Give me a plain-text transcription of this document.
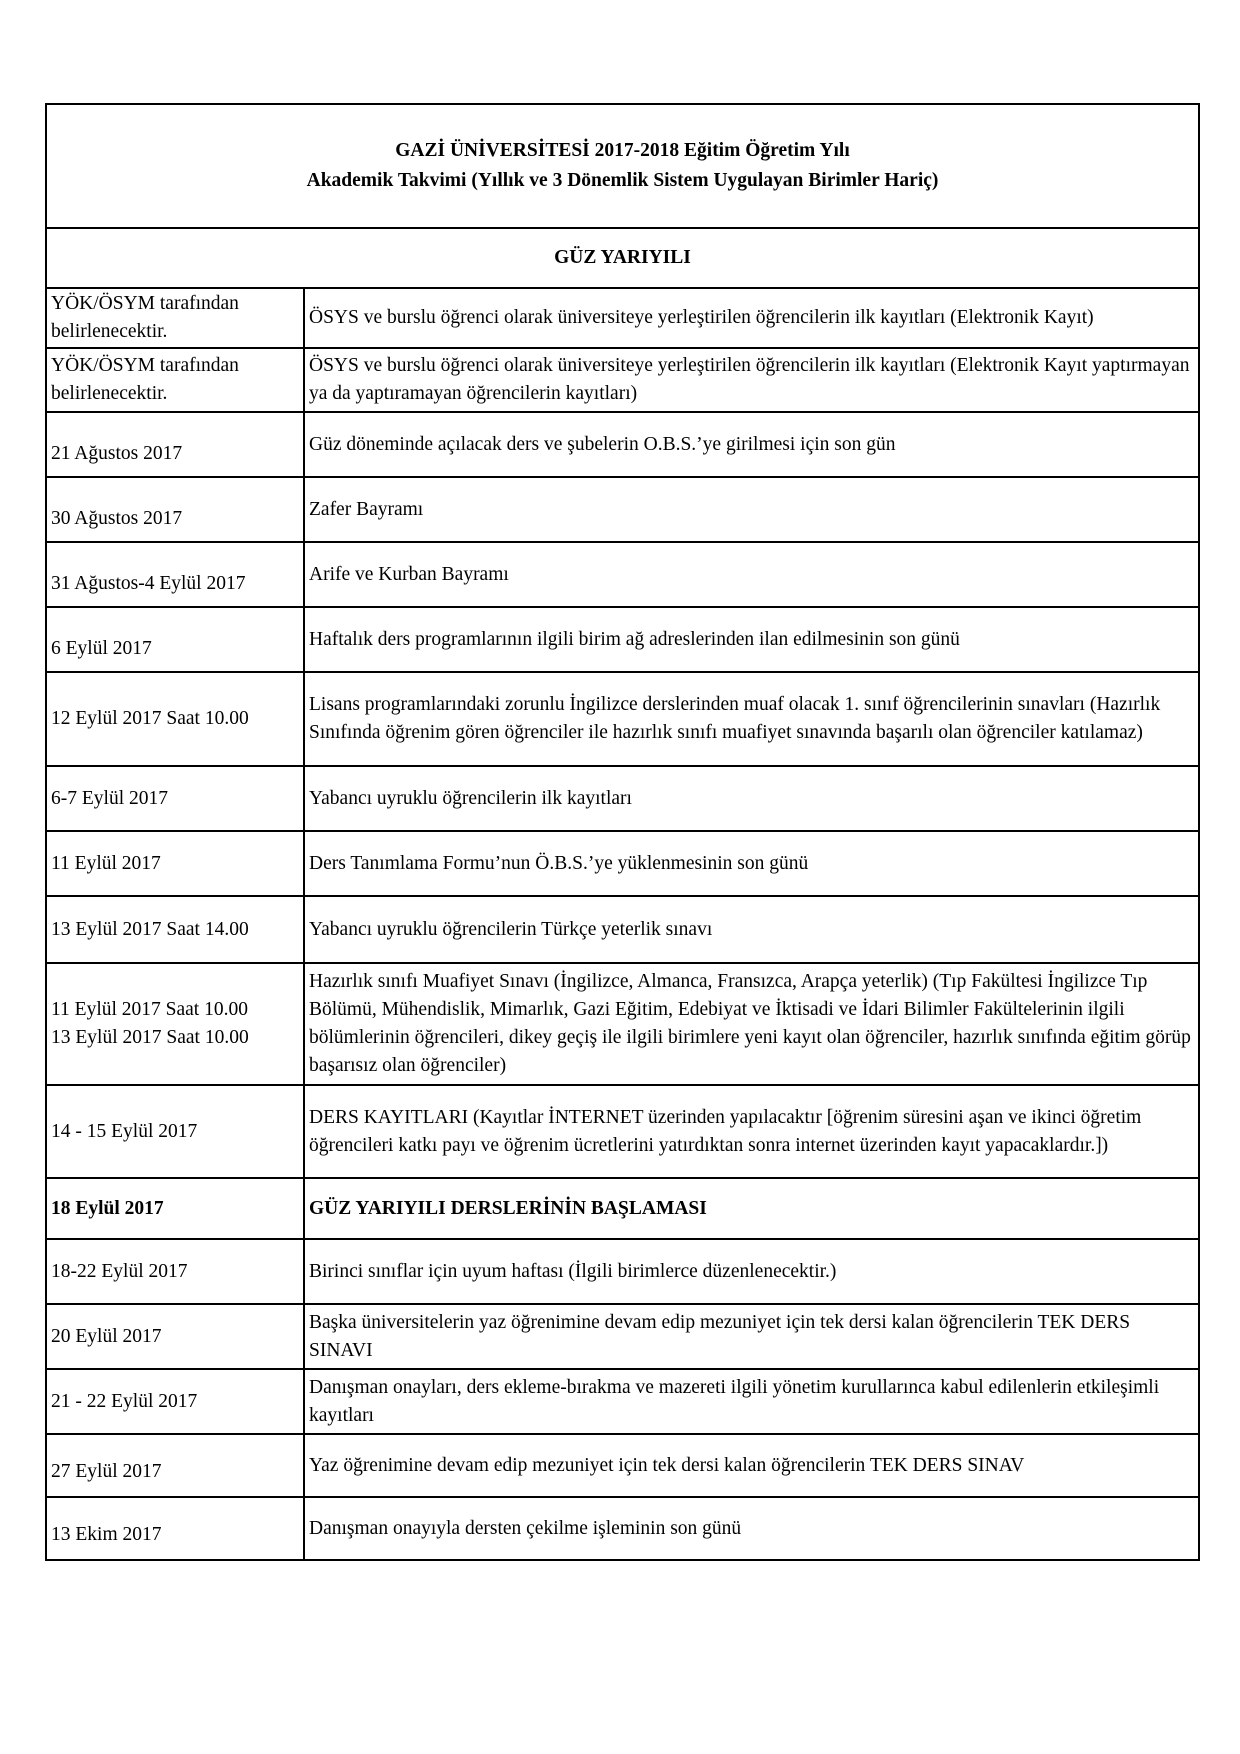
GAZİ ÜNİVERSİTESİ 2017-2018 Eğitim Öğretim Yılı
Akademik Takvimi (Yıllık ve 3 Dönemlik Sistem Uygulayan Birimler Hariç)	

GÜZ YARIYILI	
YÖK/ÖSYM tarafından belirlenecektir.	ÖSYS ve burslu öğrenci olarak üniversiteye yerleştirilen öğrencilerin ilk kayıtları (Elektronik Kayıt)
YÖK/ÖSYM tarafından belirlenecektir.	ÖSYS ve burslu öğrenci olarak üniversiteye yerleştirilen öğrencilerin ilk kayıtları (Elektronik Kayıt yaptırmayan ya da yaptıramayan öğrencilerin kayıtları)
21 Ağustos 2017	Güz döneminde açılacak ders ve şubelerin O.B.S.’ye girilmesi için son gün
30 Ağustos 2017	Zafer Bayramı
31 Ağustos-4 Eylül 2017	Arife ve Kurban Bayramı
6 Eylül 2017	Haftalık ders programlarının ilgili birim ağ adreslerinden ilan edilmesinin son günü
12 Eylül 2017 Saat 10.00	Lisans programlarındaki zorunlu İngilizce derslerinden muaf olacak 1. sınıf öğrencilerinin sınavları (Hazırlık Sınıfında öğrenim gören öğrenciler ile hazırlık sınıfı muafiyet sınavında başarılı olan öğrenciler katılamaz)
6-7 Eylül 2017	Yabancı uyruklu öğrencilerin ilk kayıtları
11 Eylül 2017	Ders Tanımlama Formu’nun Ö.B.S.’ye yüklenmesinin son günü
13 Eylül 2017 Saat 14.00	Yabancı uyruklu öğrencilerin Türkçe yeterlik sınavı

11 Eylül 2017 Saat 10.00
13 Eylül 2017 Saat 10.00	Hazırlık sınıfı Muafiyet Sınavı (İngilizce, Almanca, Fransızca, Arapça yeterlik) (Tıp Fakültesi İngilizce Tıp Bölümü, Mühendislik, Mimarlık, Gazi Eğitim, Edebiyat ve İktisadi ve İdari Bilimler Fakültelerinin ilgili bölümlerinin öğrencileri, dikey geçiş ile ilgili birimlere yeni kayıt olan öğrenciler, hazırlık sınıfında eğitim görüp başarısız olan öğrenciler)
14 - 15 Eylül 2017	DERS KAYITLARI (Kayıtlar İNTERNET üzerinden yapılacaktır [öğrenim süresini aşan ve ikinci öğretim öğrencileri katkı payı ve öğrenim ücretlerini yatırdıktan sonra internet üzerinden kayıt yapacaklardır.])
18 Eylül 2017	GÜZ YARIYILI DERSLERİNİN BAŞLAMASI
18-22 Eylül 2017	Birinci sınıflar için uyum haftası (İlgili birimlerce düzenlenecektir.)
20 Eylül 2017	Başka üniversitelerin yaz öğrenimine devam edip mezuniyet için tek dersi kalan öğrencilerin TEK DERS SINAVI
21 - 22 Eylül 2017	Danışman onayları, ders ekleme-bırakma ve mazereti ilgili yönetim kurullarınca kabul edilenlerin etkileşimli kayıtları
27 Eylül 2017	Yaz öğrenimine devam edip mezuniyet için tek dersi kalan öğrencilerin TEK DERS SINAV
13 Ekim 2017	Danışman onayıyla dersten çekilme işleminin son günü
